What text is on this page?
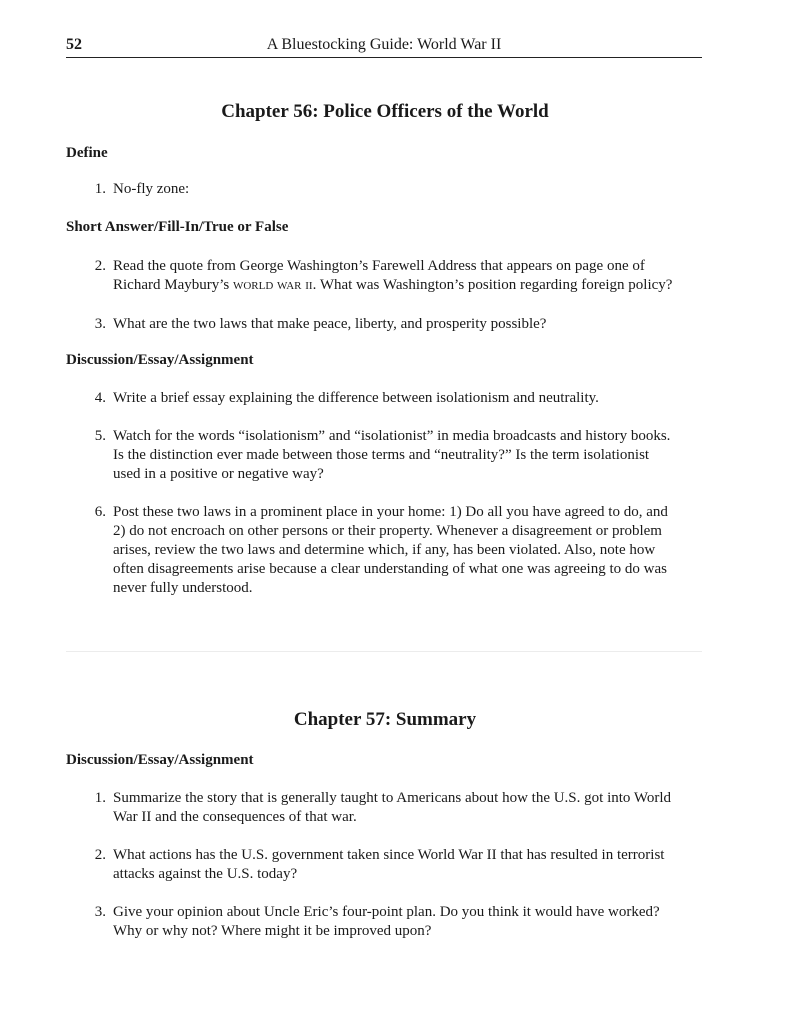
52	A Bluestocking Guide: World War II
Chapter 56: Police Officers of the World
Define
1. No-fly zone:
Short Answer/Fill-In/True or False
2. Read the quote from George Washington’s Farewell Address that appears on page one of
Richard Maybury’s world war ii. What was Washington’s position regarding foreign policy?
3. What are the two laws that make peace, liberty, and prosperity possible?
Discussion/Essay/Assignment
4. Write a brief essay explaining the difference between isolationism and neutrality.
5. Watch for the words “isolationism” and “isolationist” in media broadcasts and history books.
Is the distinction ever made between those terms and “neutrality?” Is the term isolationist
used in a positive or negative way?
6. Post these two laws in a prominent place in your home: 1) Do all you have agreed to do, and
2) do not encroach on other persons or their property. Whenever a disagreement or problem
arises, review the two laws and determine which, if any, has been violated. Also, note how
often disagreements arise because a clear understanding of what one was agreeing to do was
never fully understood.
Chapter 57: Summary
Discussion/Essay/Assignment
1. Summarize the story that is generally taught to Americans about how the U.S. got into World
War II and the consequences of that war.
2. What actions has the U.S. government taken since World War II that has resulted in terrorist
attacks against the U.S. today?
3. Give your opinion about Uncle Eric’s four-point plan. Do you think it would have worked?
Why or why not? Where might it be improved upon?
